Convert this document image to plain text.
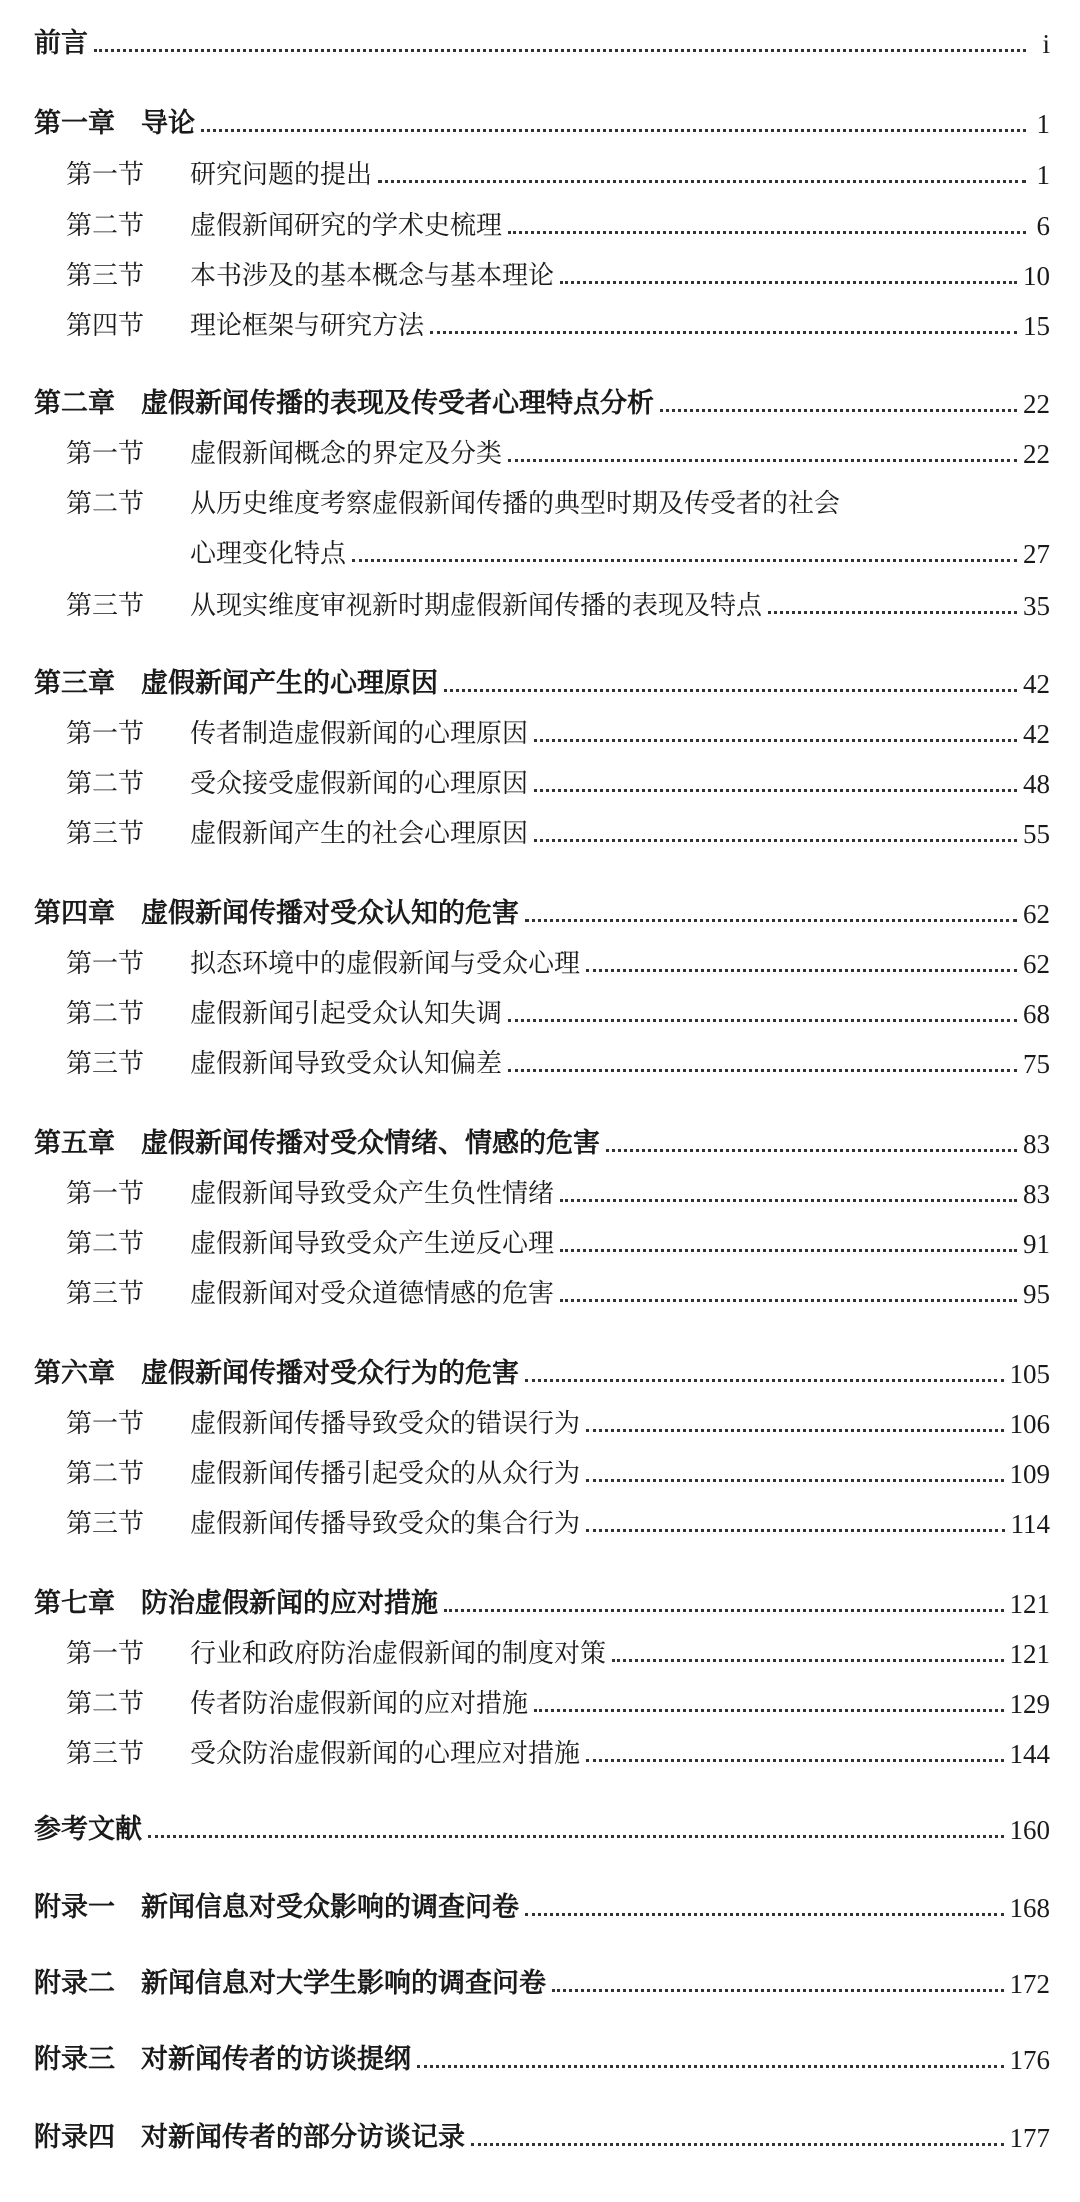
前言	i
第一章 导论	1
第一节	研究问题的提出	1
第二节	虚假新闻研究的学术史梳理	6
第三节	本书涉及的基本概念与基本理论	10
第四节	理论框架与研究方法	15
第二章 虚假新闻传播的表现及传受者心理特点分析	22
第一节	虚假新闻概念的界定及分类	22
第二节	从历史维度考察虚假新闻传播的典型时期及传受者的社会
心理变化特点	27
第三节	从现实维度审视新时期虚假新闻传播的表现及特点	35
第三章 虚假新闻产生的心理原因	42
第一节	传者制造虚假新闻的心理原因	42
第二节	受众接受虚假新闻的心理原因	48
第三节	虚假新闻产生的社会心理原因	55
第四章 虚假新闻传播对受众认知的危害	62
第一节	拟态环境中的虚假新闻与受众心理	62
第二节	虚假新闻引起受众认知失调	68
第三节	虚假新闻导致受众认知偏差	75
第五章 虚假新闻传播对受众情绪、情感的危害	83
第一节	虚假新闻导致受众产生负性情绪	83
第二节	虚假新闻导致受众产生逆反心理	91
第三节	虚假新闻对受众道德情感的危害	95
第六章 虚假新闻传播对受众行为的危害	105
第一节	虚假新闻传播导致受众的错误行为	106
第二节	虚假新闻传播引起受众的从众行为	109
第三节	虚假新闻传播导致受众的集合行为	114
第七章 防治虚假新闻的应对措施	121
第一节	行业和政府防治虚假新闻的制度对策	121
第二节	传者防治虚假新闻的应对措施	129
第三节	受众防治虚假新闻的心理应对措施	144
参考文献	160
附录一 新闻信息对受众影响的调查问卷	168
附录二 新闻信息对大学生影响的调查问卷	172
附录三 对新闻传者的访谈提纲	176
附录四 对新闻传者的部分访谈记录	177
